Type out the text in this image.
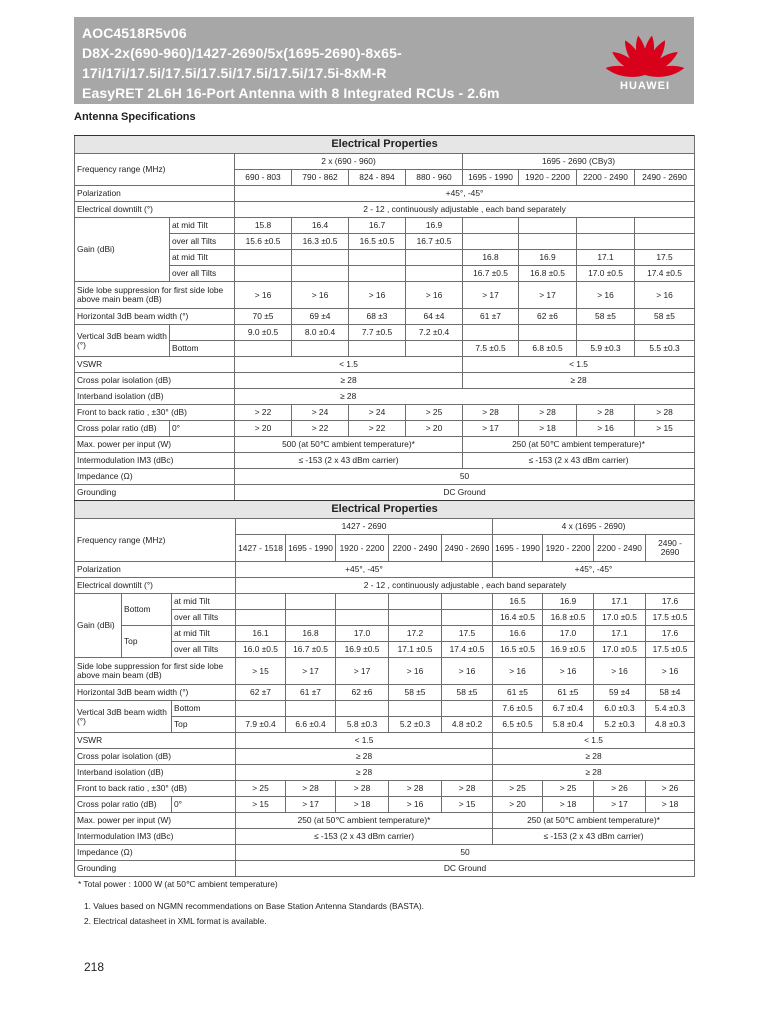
AOC4518R5v06
D8X-2x(690-960)/1427-2690/5x(1695-2690)-8x65-
17i/17i/17.5i/17.5i/17.5i/17.5i/17.5i/17.5i-8xM-R
EasyRET 2L6H 16-Port Antenna with 8 Integrated RCUs - 2.6m	HUAWEI
Antenna Specifications
Electrical Properties									
Frequency range (MHz)		2 x (690 - 960)				1695 - 2690 (CBy3)			
		690 - 803	790 - 862	824 - 894	880 - 960	1695 - 1990	1920 - 2200	2200 - 2490	2490 - 2690
Polarization		+45°, -45°							
Electrical downtilt (°)		2 - 12 , continuously adjustable , each band separately							
Gain (dBi)		at mid Tilt	15.8	16.4	16.7	16.9				
	over all Tilts	15.6 ±0.5	16.3 ±0.5	16.5 ±0.5	16.7 ±0.5				
	at mid Tilt					16.8	16.9	17.1	17.5
	over all Tilts					16.7 ±0.5	16.8 ±0.5	17.0 ±0.5	17.4 ±0.5
Side lobe suppression for first side lobe above main beam (dB)		> 16	> 16	> 16	> 16	> 17	> 17	> 16	> 16
Horizontal 3dB beam width (°)		70 ±5	69 ±4	68 ±3	64 ±4	61 ±7	62 ±6	58 ±5	58 ±5
Vertical 3dB beam width (°)		9.0 ±0.5	8.0 ±0.4	7.7 ±0.5	7.2 ±0.4				
	Bottom					7.5 ±0.5	6.8 ±0.5	5.9 ±0.3	5.5 ±0.3
VSWR		< 1.5				< 1.5			
Cross polar isolation (dB)		≥ 28				≥ 28			
Interband isolation (dB)		≥ 28							
Front to back ratio , ±30° (dB)		> 22	> 24	> 24	> 25	> 28	> 28	> 28	> 28
Cross polar ratio (dB)	0°	> 20	> 22	> 22	> 20	> 17	> 18	> 16	> 15
Max. power per input (W)		500 (at 50℃ ambient temperature)*				250 (at 50℃ ambient temperature)*			
Intermodulation IM3 (dBc)		≤ -153 (2 x 43 dBm carrier)				≤ -153 (2 x 43 dBm carrier)			
Impedance (Ω)		50							
Grounding		DC Ground							
Electrical Properties											
Frequency range (MHz)			1427 - 2690					4 x (1695 - 2690)			
			1427 - 1518	1695 - 1990	1920 - 2200	2200 - 2490	2490 - 2690	1695 - 1990	1920 - 2200	2200 - 2490	2490 - 2690
Polarization			+45°, -45°					+45°, -45°			
Electrical downtilt (°)			2 - 12 , continuously adjustable , each band separately								
Gain (dBi)	Bottom	at mid Tilt						16.5	16.9	17.1	17.6
		over all Tilts						16.4 ±0.5	16.8 ±0.5	17.0 ±0.5	17.5 ±0.5
	Top	at mid Tilt	16.1	16.8	17.0	17.2	17.5	16.6	17.0	17.1	17.6
		over all Tilts	16.0 ±0.5	16.7 ±0.5	16.9 ±0.5	17.1 ±0.5	17.4 ±0.5	16.5 ±0.5	16.9 ±0.5	17.0 ±0.5	17.5 ±0.5
Side lobe suppression for first side lobe above main beam (dB)			> 15	> 17	> 17	> 16	> 16	> 16	> 16	> 16	> 16
Horizontal 3dB beam width (°)			62 ±7	61 ±7	62 ±6	58 ±5	58 ±5	61 ±5	61 ±5	59 ±4	58 ±4
Vertical 3dB beam width (°)		Bottom						7.6 ±0.5	6.7 ±0.4	6.0 ±0.3	5.4 ±0.3
		Top	7.9 ±0.4	6.6 ±0.4	5.8 ±0.3	5.2 ±0.3	4.8 ±0.2	6.5 ±0.5	5.8 ±0.4	5.2 ±0.3	4.8 ±0.3
VSWR			< 1.5					< 1.5			
Cross polar isolation (dB)			≥ 28					≥ 28			
Interband isolation (dB)			≥ 28					≥ 28			
Front to back ratio , ±30° (dB)			> 25	> 28	> 28	> 28	> 28	> 25	> 25	> 26	> 26
Cross polar ratio (dB)		0°	> 15	> 17	> 18	> 16	> 15	> 20	> 18	> 17	> 18
Max. power per input (W)			250 (at 50℃ ambient temperature)*					250 (at 50℃ ambient temperature)*			
Intermodulation IM3 (dBc)			≤ -153 (2 x 43 dBm carrier)					≤ -153 (2 x 43 dBm carrier)			
Impedance (Ω)			50								
Grounding			DC Ground								
* Total power : 1000 W (at 50℃ ambient temperature)
1. Values based on NGMN recommendations on Base Station Antenna Standards (BASTA).
2. Electrical datasheet in XML format is available.
218
